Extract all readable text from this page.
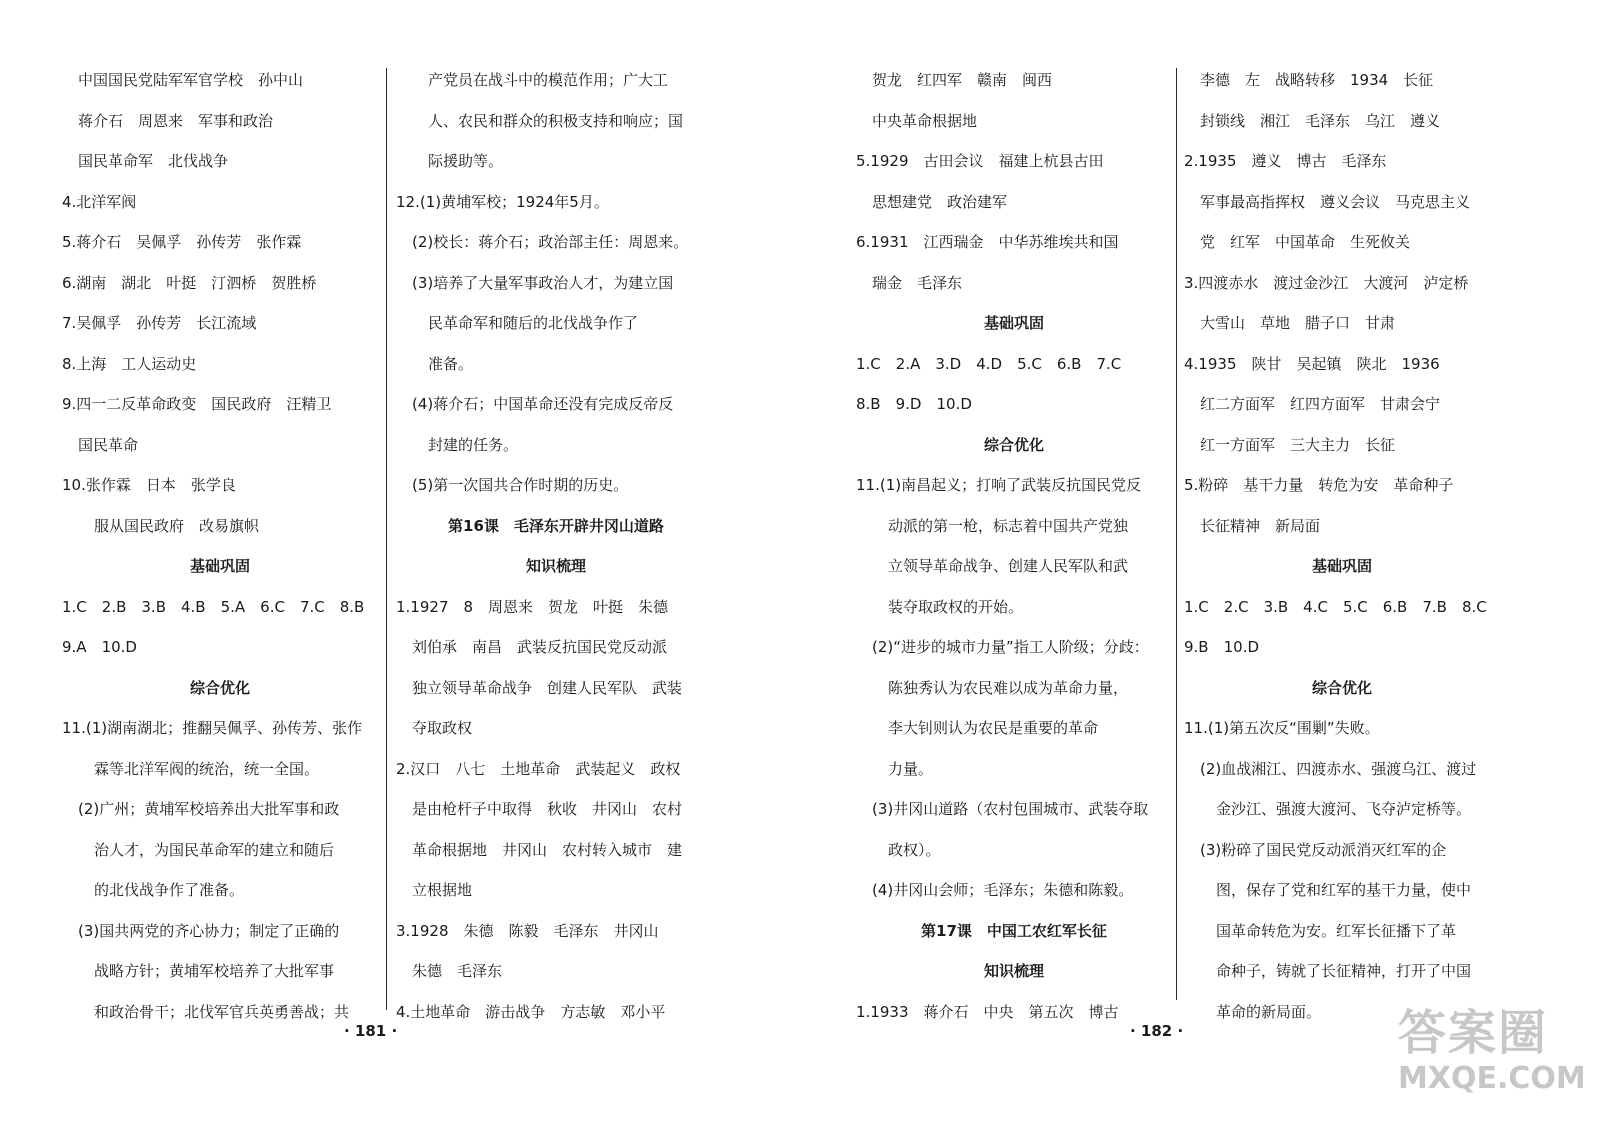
中国国民党陆军军官学校　孙中山
蒋介石　周恩来　军事和政治
国民革命军　北伐战争
4.北洋军阀
5.蒋介石　吴佩孚　孙传芳　张作霖
6.湖南　湖北　叶挺　汀泗桥　贺胜桥
7.吴佩孚　孙传芳　长江流域
8.上海　工人运动史
9.四一二反革命政变　国民政府　汪精卫
国民革命
10.张作霖　日本　张学良
服从国民政府　改易旗帜
基础巩固
1.C　2.B　3.B　4.B　5.A　6.C　7.C　8.B
9.A　10.D
综合优化
11.(1)湖南湖北；推翻吴佩孚、孙传芳、张作
霖等北洋军阀的统治，统一全国。
(2)广州；黄埔军校培养出大批军事和政
治人才，为国民革命军的建立和随后
的北伐战争作了准备。
(3)国共两党的齐心协力；制定了正确的
战略方针；黄埔军校培养了大批军事
和政治骨干；北伐军官兵英勇善战；共
产党员在战斗中的模范作用；广大工
人、农民和群众的积极支持和响应；国
际援助等。
12.(1)黄埔军校；1924年5月。
(2)校长：蒋介石；政治部主任：周恩来。
(3)培养了大量军事政治人才，为建立国
民革命军和随后的北伐战争作了
准备。
(4)蒋介石；中国革命还没有完成反帝反
封建的任务。
(5)第一次国共合作时期的历史。
第16课　毛泽东开辟井冈山道路
知识梳理
1.1927　8　周恩来　贺龙　叶挺　朱德
刘伯承　南昌　武装反抗国民党反动派
独立领导革命战争　创建人民军队　武装
夺取政权
2.汉口　八七　土地革命　武装起义　政权
是由枪杆子中取得　秋收　井冈山　农村
革命根据地　井冈山　农村转入城市　建
立根据地
3.1928　朱德　陈毅　毛泽东　井冈山
朱德　毛泽东
4.土地革命　游击战争　方志敏　邓小平
贺龙　红四军　赣南　闽西
中央革命根据地
5.1929　古田会议　福建上杭县古田
思想建党　政治建军
6.1931　江西瑞金　中华苏维埃共和国
瑞金　毛泽东
基础巩固
1.C　2.A　3.D　4.D　5.C　6.B　7.C
8.B　9.D　10.D
综合优化
11.(1)南昌起义；打响了武装反抗国民党反
动派的第一枪，标志着中国共产党独
立领导革命战争、创建人民军队和武
装夺取政权的开始。
(2)“进步的城市力量”指工人阶级；分歧：
陈独秀认为农民难以成为革命力量，
李大钊则认为农民是重要的革命
力量。
(3)井冈山道路（农村包围城市、武装夺取
政权）。
(4)井冈山会师；毛泽东；朱德和陈毅。
第17课　中国工农红军长征
知识梳理
1.1933　蒋介石　中央　第五次　博古
李德　左　战略转移　1934　长征
封锁线　湘江　毛泽东　乌江　遵义
2.1935　遵义　博古　毛泽东
军事最高指挥权　遵义会议　马克思主义
党　红军　中国革命　生死攸关
3.四渡赤水　渡过金沙江　大渡河　泸定桥
大雪山　草地　腊子口　甘肃
4.1935　陕甘　吴起镇　陕北　1936
红二方面军　红四方面军　甘肃会宁
红一方面军　三大主力　长征
5.粉碎　基干力量　转危为安　革命种子
长征精神　新局面
基础巩固
1.C　2.C　3.B　4.C　5.C　6.B　7.B　8.C
9.B　10.D
综合优化
11.(1)第五次反“围剿”失败。
(2)血战湘江、四渡赤水、强渡乌江、渡过
金沙江、强渡大渡河、飞夺泸定桥等。
(3)粉碎了国民党反动派消灭红军的企
图，保存了党和红军的基干力量，使中
国革命转危为安。红军长征播下了革
命种子，铸就了长征精神，打开了中国
革命的新局面。
· 181 ·	· 182 ·	答案圈
MXQE.COM
